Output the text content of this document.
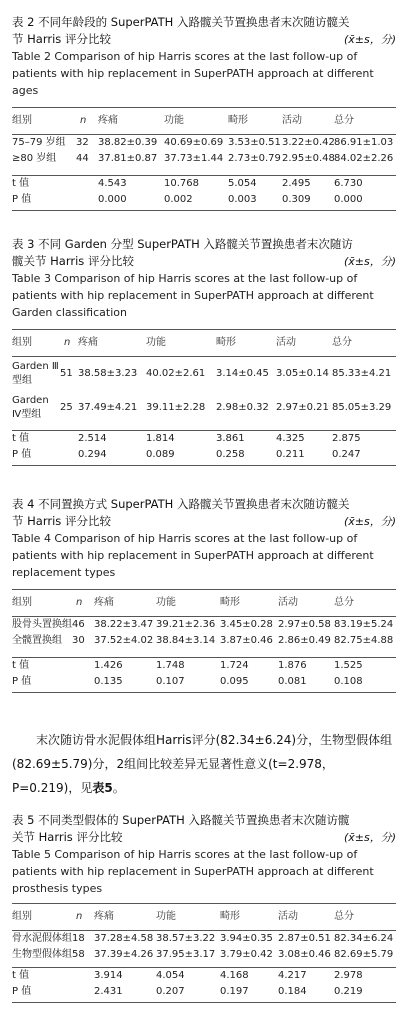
表 2 不同年龄段的 SuperPATH 入路髋关节置换患者末次随访髋关
节 Harris 评分比较	(x̄±s，分)

Table 2 Comparison of hip Harris scores at the last follow-up of
patients with hip replacement in SuperPATH approach at different ages

组别	n	疼痛	功能	畸形	活动	总分
75–79 岁组	32	38.82±0.39	40.69±0.69	3.53±0.51	3.22±0.42	86.91±1.03
≥80 岁组	44	37.81±0.87	37.73±1.44	2.73±0.79	2.95±0.48	84.02±2.26

t 值		4.543	10.768	5.054	2.495	6.730
P 值		0.000	0.002	0.003	0.309	0.000

表 3 不同 Garden 分型 SuperPATH 入路髋关节置换患者末次随访
髋关节 Harris 评分比较	(x̄±s，分)

Table 3 Comparison of hip Harris scores at the last follow-up of
patients with hip replacement in SuperPATH approach at different
Garden classification

组别	n	疼痛	功能	畸形	活动	总分
Garden Ⅲ型组	51	38.58±3.23	40.02±2.61	3.14±0.45	3.05±0.14	85.33±4.21
Garden Ⅳ型组	25	37.49±4.21	39.11±2.28	2.98±0.32	2.97±0.21	85.05±3.29

t 值		2.514	1.814	3.861	4.325	2.875
P 值		0.294	0.089	0.258	0.211	0.247

表 4 不同置换方式 SuperPATH 入路髋关节置换患者末次随访髋关
节 Harris 评分比较	(x̄±s，分)

Table 4 Comparison of hip Harris scores at the last follow-up of
patients with hip replacement in SuperPATH approach at different
replacement types

组别	n	疼痛	功能	畸形	活动	总分
股骨头置换组	46	38.22±3.47	39.21±2.36	3.45±0.28	2.97±0.58	83.19±5.24
全髋置换组	30	37.52±4.02	38.84±3.14	3.87±0.46	2.86±0.49	82.75±4.88

t 值		1.426	1.748	1.724	1.876	1.525
P 值		0.135	0.107	0.095	0.081	0.108

末次随访骨水泥假体组Harris评分(82.34±6.24)分，生物型假体组(82.69±5.79)分，2组间比较差异无显著性意义(t=2.978，P=0.219)，见表5。

表 5 不同类型假体的 SuperPATH 入路髋关节置换患者末次随访髋
关节 Harris 评分比较	(x̄±s，分)

Table 5 Comparison of hip Harris scores at the last follow-up of
patients with hip replacement in SuperPATH approach at different
prosthesis types

组别	n	疼痛	功能	畸形	活动	总分
骨水泥假体组	18	37.28±4.58	38.57±3.22	3.94±0.35	2.87±0.51	82.34±6.24
生物型假体组	58	37.39±4.26	37.95±3.17	3.79±0.42	3.08±0.46	82.69±5.79

t 值		3.914	4.054	4.168	4.217	2.978
P 值		2.431	0.207	0.197	0.184	0.219
